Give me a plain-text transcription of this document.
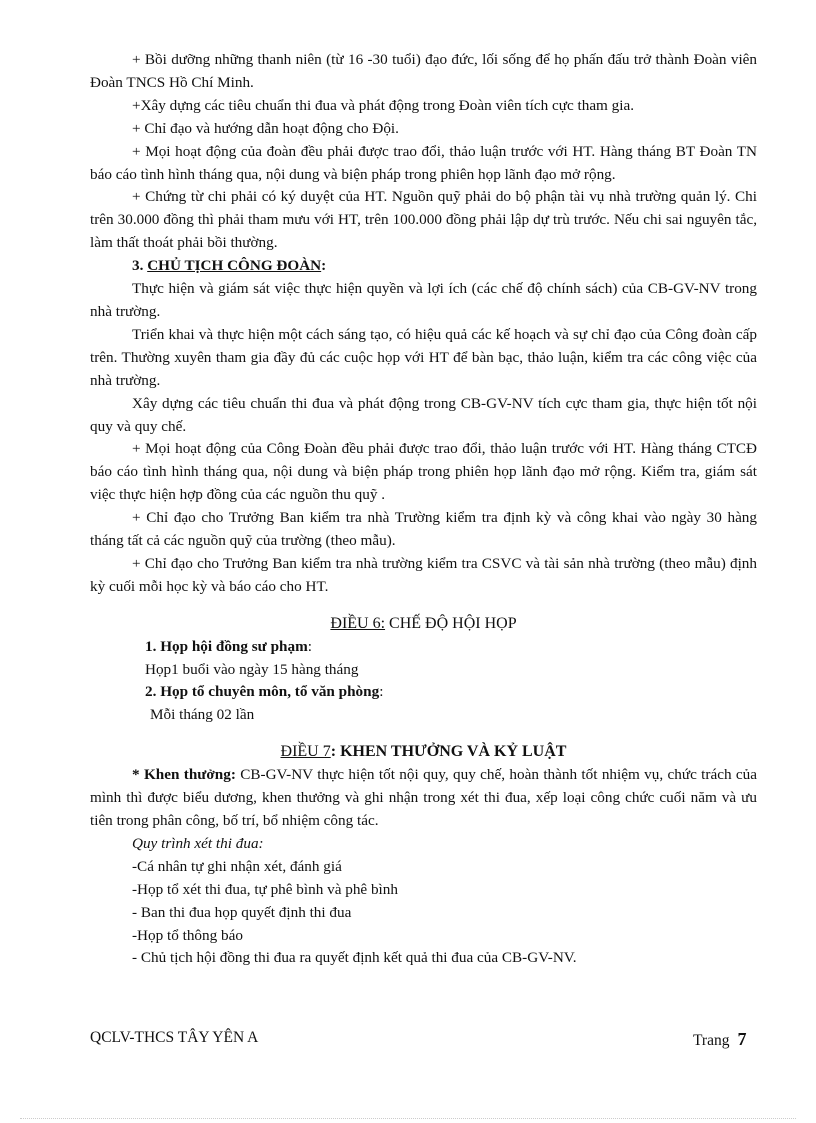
+ Bồi dưỡng những thanh niên (từ 16 -30 tuổi) đạo đức, lối sống để họ phấn đấu trở thành Đoàn viên Đoàn TNCS Hồ Chí Minh.

+Xây dựng các tiêu chuẩn thi đua và phát động trong Đoàn viên tích cực tham gia.

+ Chỉ đạo và hướng dẫn hoạt động cho Đội.

+ Mọi hoạt động của đoàn đều phải được trao đổi, thảo luận trước với HT. Hàng tháng BT Đoàn TN báo cáo tình hình tháng qua, nội dung và biện pháp trong phiên họp lãnh đạo mở rộng.

+ Chứng từ chi phải có ký duyệt của HT. Nguồn quỹ phải do bộ phận tài vụ nhà trường quản lý. Chi trên 30.000 đồng thì phải tham mưu với HT, trên 100.000 đồng phải lập dự trù trước. Nếu chi sai nguyên tắc, làm thất thoát phải bồi thường.

3. CHỦ TỊCH CÔNG ĐOÀN:

Thực hiện và giám sát việc thực hiện quyền và lợi ích (các chế độ chính sách) của CB-GV-NV trong nhà trường.

Triển khai và thực hiện một cách sáng tạo, có hiệu quả các kế hoạch và sự chỉ đạo của Công đoàn cấp trên. Thường xuyên tham gia đầy đủ các cuộc họp với HT để bàn bạc, thảo luận, kiểm tra các công việc của nhà trường.

Xây dựng các tiêu chuẩn thi đua và phát động trong CB-GV-NV tích cực tham gia, thực hiện tốt nội quy và quy chế.

+ Mọi hoạt động của Công Đoàn đều phải được trao đổi, thảo luận trước với HT. Hàng tháng CTCĐ báo cáo tình hình tháng qua, nội dung và biện pháp trong phiên họp lãnh đạo mở rộng. Kiểm tra, giám sát việc thực hiện hợp đồng của các nguồn thu quỹ .

+ Chỉ đạo cho Trưởng Ban kiểm tra nhà Trường kiểm tra định kỳ và công khai vào ngày 30 hàng tháng tất cả các nguồn quỹ của trường (theo mẫu).

+ Chỉ đạo cho Trưởng Ban kiểm tra nhà trường kiểm tra CSVC và tài sản nhà trường (theo mẫu) định kỳ cuối mỗi học kỳ và báo cáo cho HT.

ĐIỀU 6: CHẾ ĐỘ HỘI HỌP

1. Họp hội đồng sư phạm:

Họp1 buổi vào ngày 15 hàng tháng

2. Họp tổ chuyên môn, tổ văn phòng:

Mỗi tháng 02 lần

ĐIỀU 7: KHEN THƯỞNG VÀ KỶ LUẬT

* Khen thưởng: CB-GV-NV thực hiện tốt nội quy, quy chế, hoàn thành tốt nhiệm vụ, chức trách của mình thì được biểu dương, khen thưởng và ghi nhận trong xét thi đua, xếp loại công chức cuối năm và ưu tiên trong phân công, bố trí, bổ nhiệm công tác.

Quy trình xét thi đua:

-Cá nhân tự ghi nhận xét, đánh giá

-Họp tổ xét thi đua, tự phê bình và phê bình

- Ban thi đua họp quyết định thi đua

-Họp tổ thông báo

- Chủ tịch hội đồng thi đua ra quyết định kết quả thi đua của CB-GV-NV.

QCLV-THCS TÂY YÊN A	Trang 7
